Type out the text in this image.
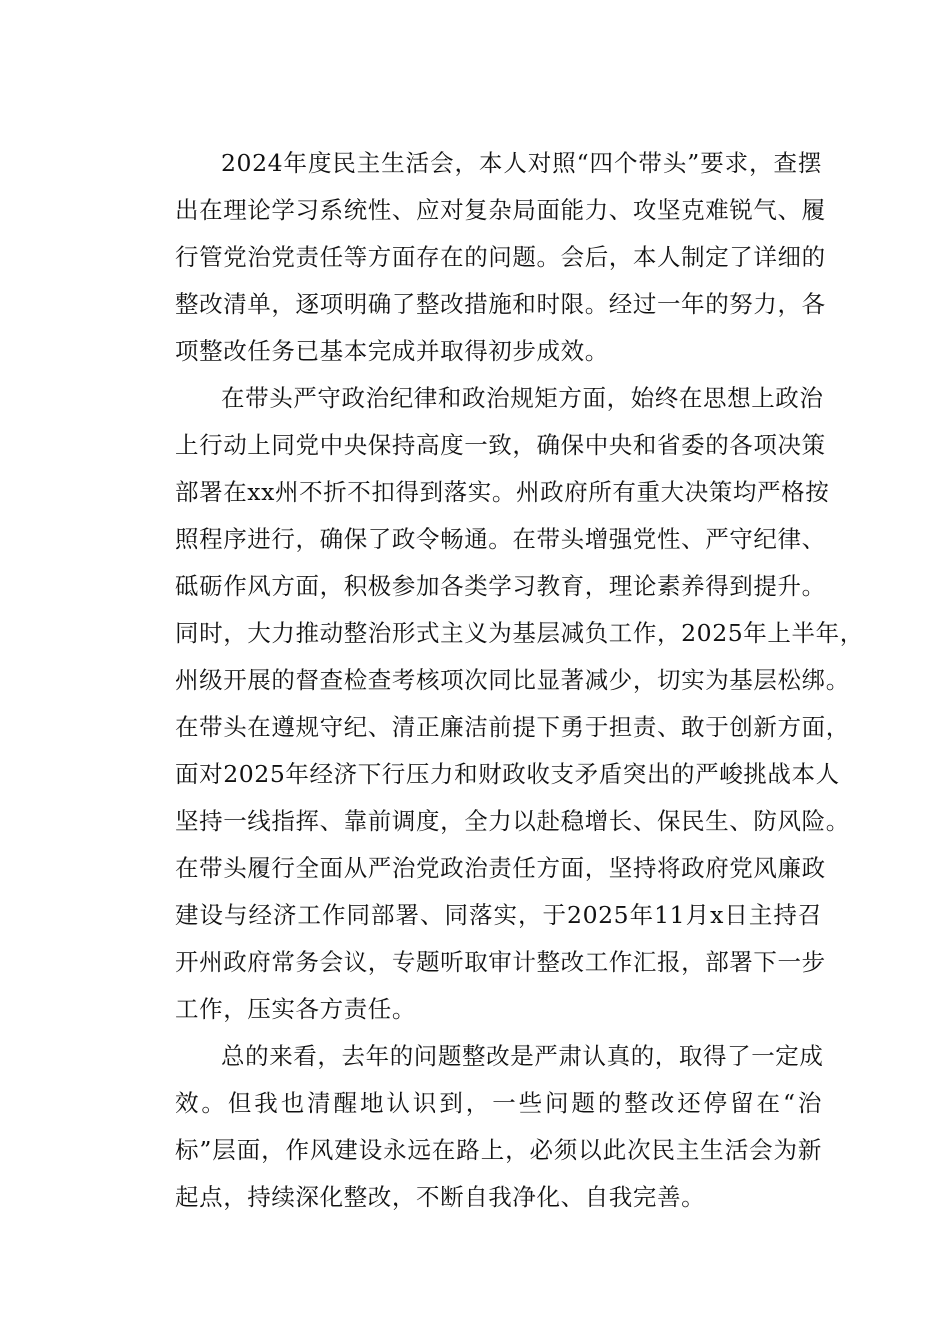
2024年度民主生活会，本人对照“四个带头”要求，查摆
出在理论学习系统性、应对复杂局面能力、攻坚克难锐气、履
行管党治党责任等方面存在的问题。会后，本人制定了详细的
整改清单，逐项明确了整改措施和时限。经过一年的努力，各
项整改任务已基本完成并取得初步成效。
在带头严守政治纪律和政治规矩方面，始终在思想上政治
上行动上同党中央保持高度一致，确保中央和省委的各项决策
部署在xx州不折不扣得到落实。州政府所有重大决策均严格按
照程序进行，确保了政令畅通。在带头增强党性、严守纪律、
砥砺作风方面，积极参加各类学习教育，理论素养得到提升。
同时，大力推动整治形式主义为基层减负工作，2025年上半年，
州级开展的督查检查考核项次同比显著减少，切实为基层松绑。
在带头在遵规守纪、清正廉洁前提下勇于担责、敢于创新方面，
面对2025年经济下行压力和财政收支矛盾突出的严峻挑战本人
坚持一线指挥、靠前调度，全力以赴稳增长、保民生、防风险。
在带头履行全面从严治党政治责任方面，坚持将政府党风廉政
建设与经济工作同部署、同落实，于2025年11月x日主持召
开州政府常务会议，专题听取审计整改工作汇报，部署下一步
工作，压实各方责任。
总的来看，去年的问题整改是严肃认真的，取得了一定成
效。但我也清醒地认识到，一些问题的整改还停留在“治
标”层面，作风建设永远在路上，必须以此次民主生活会为新
起点，持续深化整改，不断自我净化、自我完善。
